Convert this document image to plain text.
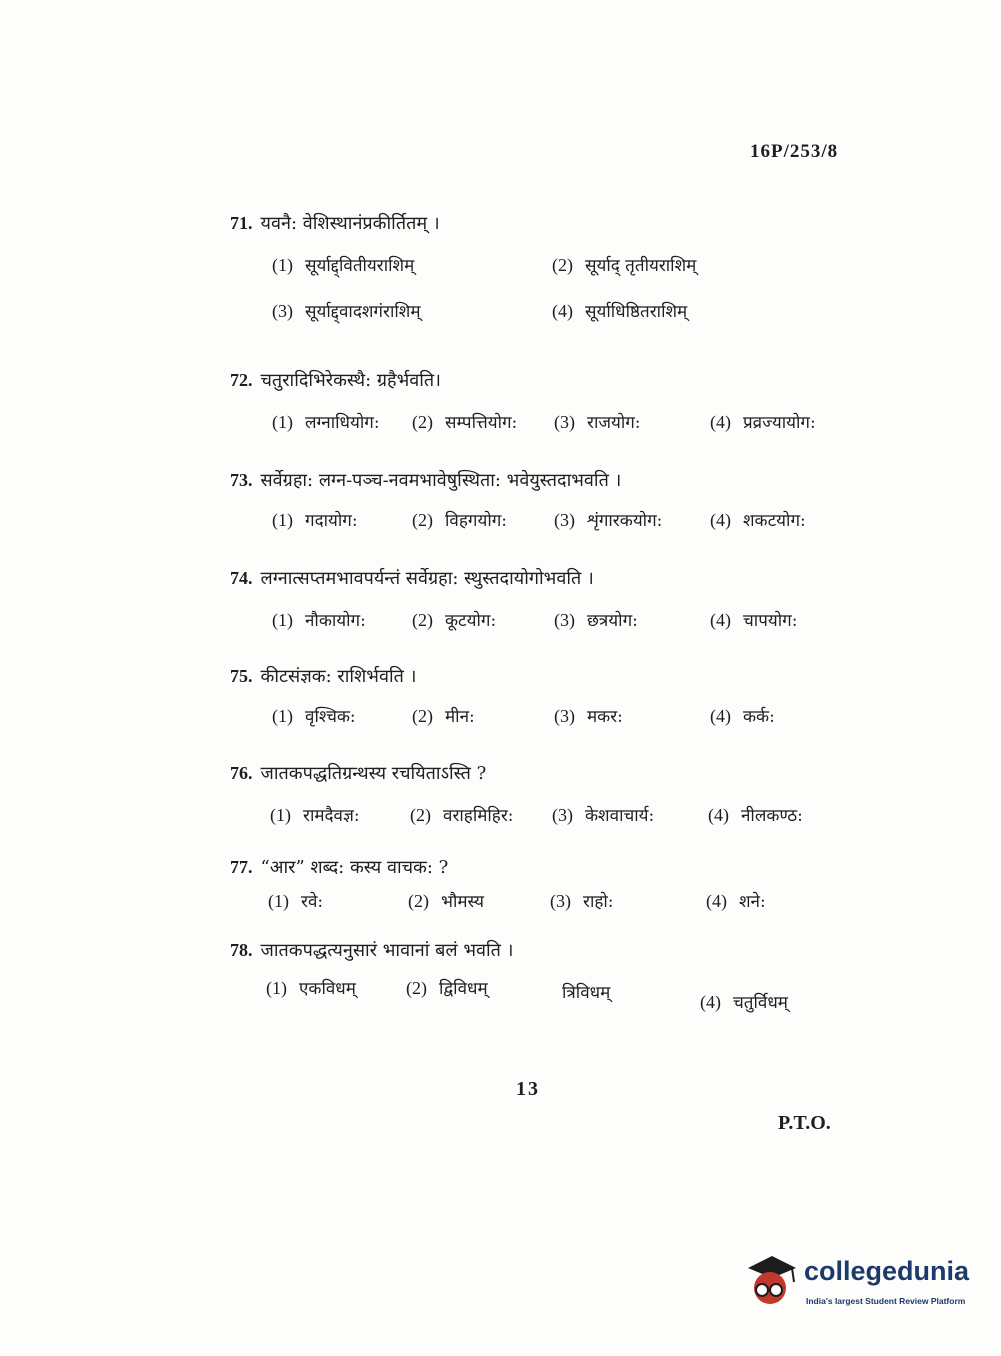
16P/253/8
71. यवनै: वेशिस्थानंप्रकीर्तितम् ।
(1) सूर्याद्द्वितीयराशिम्	(2) सूर्याद् तृतीयराशिम्
(3) सूर्याद्द्वादशगंराशिम्	(4) सूर्याधिष्ठितराशिम्
72. चतुरादिभिरेकस्थै: ग्रहैर्भवति।
(1) लग्नाधियोग: (2) सम्पत्तियोग: (3) राजयोग:	(4) प्रव्रज्यायोग:
73. सर्वेग्रहा: लग्न-पञ्च-नवमभावेषुस्थिता: भवेयुस्तदाभवति ।
(1) गदायोग:	(2) विहगयोग:	(3) शृंगारकयोग:	(4) शकटयोग:
74. लग्नात्सप्तमभावपर्यन्तं सर्वेग्रहा: स्थुस्तदायोगोभवति ।
(1) नौकायोग:	(2) कूटयोग:	(3) छत्रयोग:	(4) चापयोग:
75. कीटसंज्ञक: राशिर्भवति ।
(1) वृश्चिक:	(2) मीन:	(3) मकर:	(4) कर्क:
76. जातकपद्धतिग्रन्थस्य रचयिताऽस्ति ?
(1) रामदैवज्ञ:	(2) वराहमिहिर: (3) केशवाचार्य:	(4) नीलकण्ठ:
77. “आर” शब्द: कस्य वाचक: ?
(1) रवे:	(2) भौमस्य	(3) राहो:	(4) शने:
78. जातकपद्धत्यनुसारं भावानां बलं भवति ।
(1) एकविधम्	(2) द्विविधम्	त्रिविधम्	(4) चतुर्विधम्
13
P.T.O.
collegedunia
India's largest Student Review Platform
